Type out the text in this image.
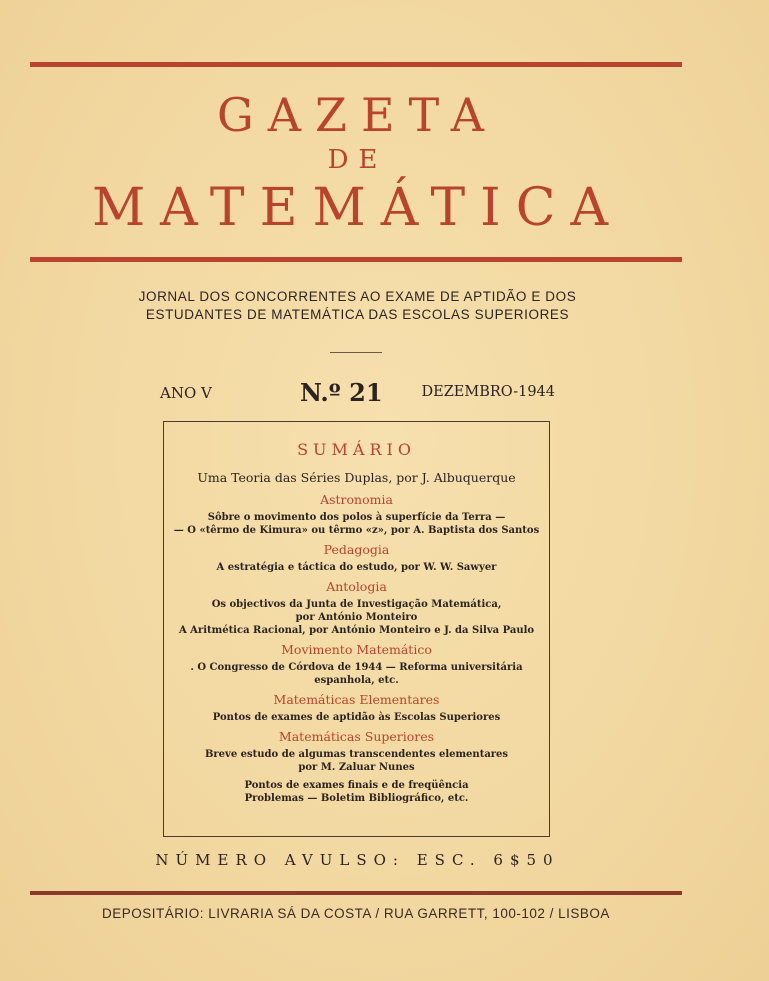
GAZETA
DE
MATEMÁTICA
JORNAL DOS CONCORRENTES AO EXAME DE APTIDÃO E DOS
ESTUDANTES DE MATEMÁTICA DAS ESCOLAS SUPERIORES
ANO V	N.º 21	DEZEMBRO-1944
SUMÁRIO
Uma Teoria das Séries Duplas, por J. Albuquerque
Astronomia
Sôbre o movimento dos polos à superfície da Terra —
— O «têrmo de Kimura» ou têrmo «z», por A. Baptista dos Santos
Pedagogia
A estratégia e táctica do estudo, por W. W. Sawyer
Antologia
Os objectivos da Junta de Investigação Matemática,
por António Monteiro
A Aritmética Racional, por António Monteiro e J. da Silva Paulo
Movimento Matemático
. O Congresso de Córdova de 1944 — Reforma universitária
espanhola, etc.
Matemáticas Elementares
Pontos de exames de aptidão às Escolas Superiores
Matemáticas Superiores
Breve estudo de algumas transcendentes elementares
por M. Zaluar Nunes
Pontos de exames finais e de freqüência
Problemas — Boletim Bibliográfico, etc.
NÚMERO AVULSO: ESC. 6$50
DEPOSITÁRIO: LIVRARIA SÁ DA COSTA / RUA GARRETT, 100-102 / LISBOA
